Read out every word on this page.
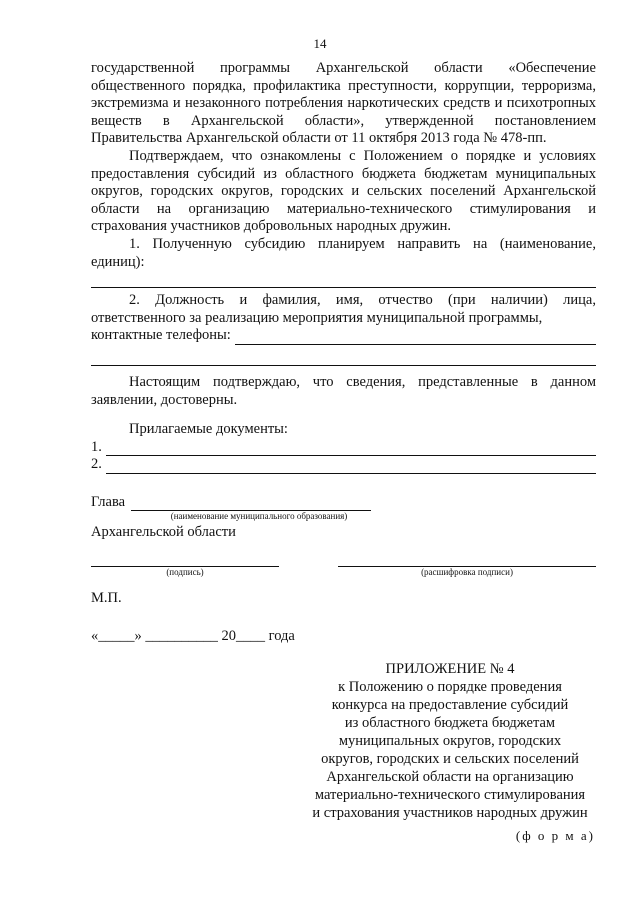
14

государственной программы Архангельской области «Обеспечение общественного порядка, профилактика преступности, коррупции, терроризма, экстремизма и незаконного потребления наркотических средств и психотропных веществ в Архангельской области», утвержденной постановлением Правительства Архангельской области от 11 октября 2013 года № 478-пп.

Подтверждаем, что ознакомлены с Положением о порядке и условиях предоставления субсидий из областного бюджета бюджетам муниципальных округов, городских округов, городских и сельских поселений Архангельской области на организацию материально-технического стимулирования и страхования участников добровольных народных дружин.

1. Полученную субсидию планируем направить на (наименование, единиц):

2. Должность и фамилия, имя, отчество (при наличии) лица, ответственного за реализацию мероприятия муниципальной программы,

контактные телефоны:

Настоящим подтверждаю, что сведения, представленные в данном заявлении, достоверны.

Прилагаемые документы:

1.
2.
Глава
(наименование муниципального образования)
Архангельской области
(подпись)	(расшифровка подписи)
М.П.
«_____» __________ 20____ года
ПРИЛОЖЕНИЕ № 4
к Положению о порядке проведения
конкурса на предоставление субсидий
из областного бюджета бюджетам
муниципальных округов, городских
округов, городских и сельских поселений
Архангельской области на организацию
материально-технического стимулирования
и страхования участников народных дружин
(ф о р м а)
